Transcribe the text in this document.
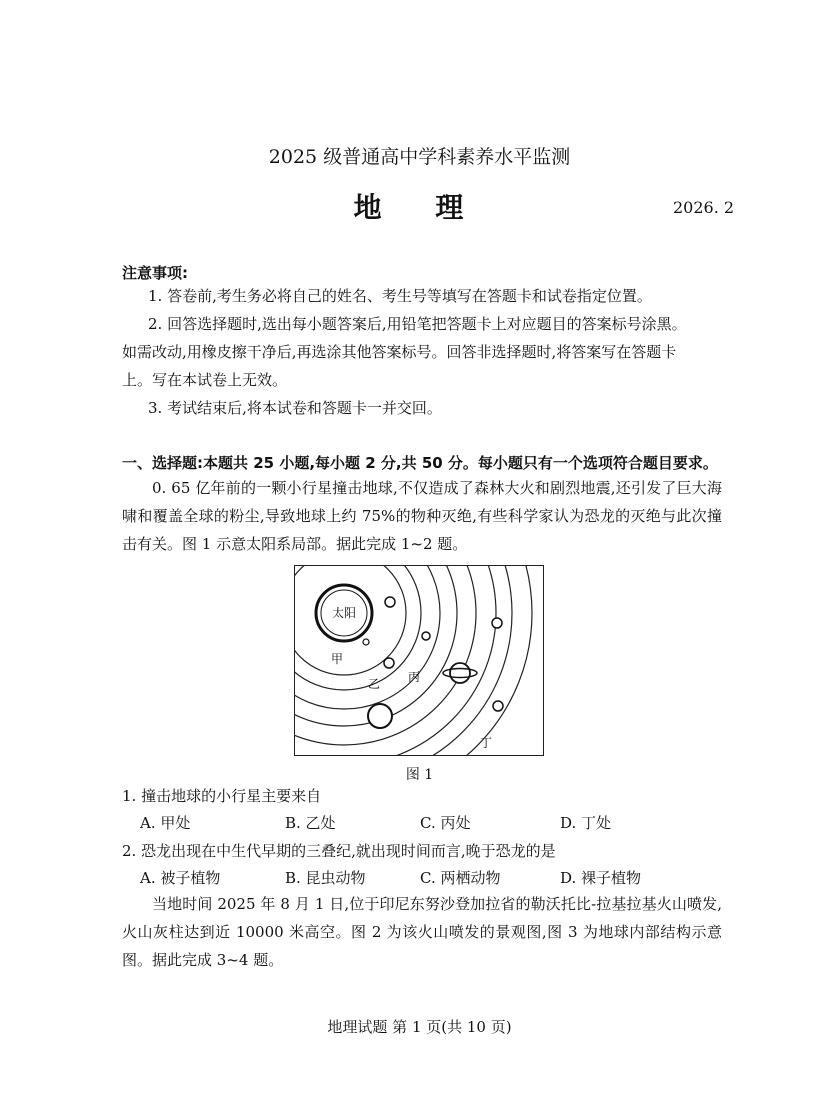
2025 级普通高中学科素养水平监测
地 理	2026. 2
注意事项:
1. 答卷前,考生务必将自己的姓名、考生号等填写在答题卡和试卷指定位置。
2. 回答选择题时,选出每小题答案后,用铅笔把答题卡上对应题目的答案标号涂黑。
如需改动,用橡皮擦干净后,再选涂其他答案标号。回答非选择题时,将答案写在答题卡
上。写在本试卷上无效。
3. 考试结束后,将本试卷和答题卡一并交回。
一、选择题:本题共 25 小题,每小题 2 分,共 50 分。每小题只有一个选项符合题目要求。
0. 65 亿年前的一颗小行星撞击地球,不仅造成了森林大火和剧烈地震,还引发了巨大海啸和覆盖全球的粉尘,导致地球上约 75%的物种灭绝,有些科学家认为恐龙的灭绝与此次撞击有关。图 1 示意太阳系局部。据此完成 1~2 题。
太阳
甲
乙 丙
丁
图 1
1. 撞击地球的小行星主要来自
A. 甲处	B. 乙处	C. 丙处	D. 丁处
2. 恐龙出现在中生代早期的三叠纪,就出现时间而言,晚于恐龙的是
A. 被子植物	B. 昆虫动物	C. 两栖动物	D. 裸子植物
当地时间 2025 年 8 月 1 日,位于印尼东努沙登加拉省的勒沃托比-拉基拉基火山喷发,火山灰柱达到近 10000 米高空。图 2 为该火山喷发的景观图,图 3 为地球内部结构示意图。据此完成 3~4 题。
地理试题 第 1 页(共 10 页)
